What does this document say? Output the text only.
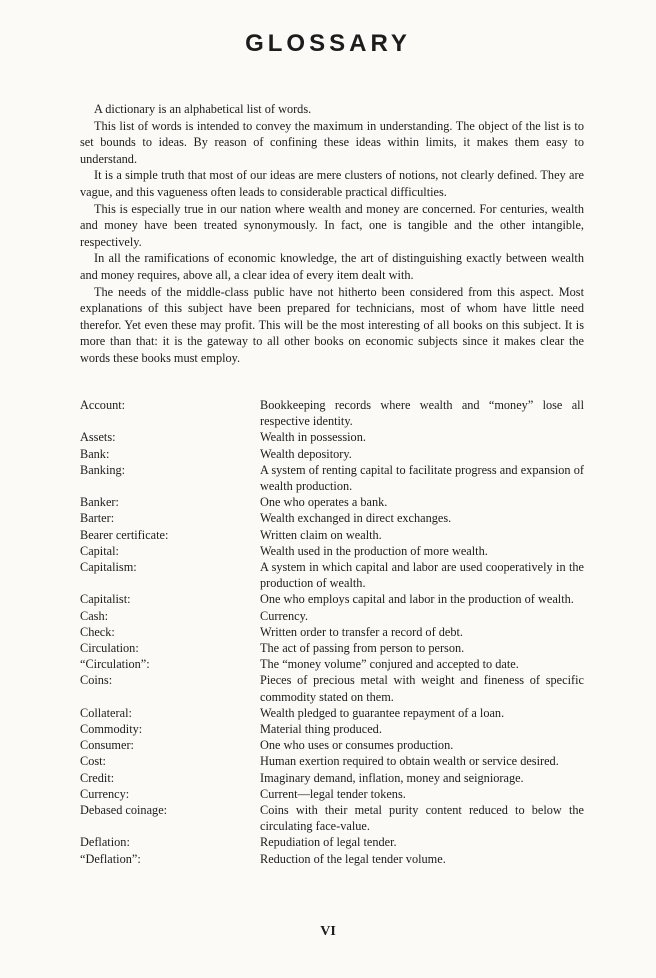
GLOSSARY

A dictionary is an alphabetical list of words.

This list of words is intended to convey the maximum in understanding. The object of the list is to set bounds to ideas. By reason of confining these ideas within limits, it makes them easy to understand.

It is a simple truth that most of our ideas are mere clusters of notions, not clearly defined. They are vague, and this vagueness often leads to considerable practical difficulties.

This is especially true in our nation where wealth and money are concerned. For centuries, wealth and money have been treated synonymously. In fact, one is tangible and the other intangible, respectively.

In all the ramifications of economic knowledge, the art of distinguishing exactly between wealth and money requires, above all, a clear idea of every item dealt with.

The needs of the middle-class public have not hitherto been considered from this aspect. Most explanations of this subject have been prepared for technicians, most of whom have little need therefor. Yet even these may profit. This will be the most interesting of all books on this subject. It is more than that: it is the gateway to all other books on economic subjects since it makes clear the words these books must employ.

Account:	Bookkeeping records where wealth and “money” lose all respective identity.
Assets:	Wealth in possession.
Bank:	Wealth depository.
Banking:	A system of renting capital to facilitate progress and expansion of wealth production.
Banker:	One who operates a bank.
Barter:	Wealth exchanged in direct exchanges.
Bearer certificate:	Written claim on wealth.
Capital:	Wealth used in the production of more wealth.
Capitalism:	A system in which capital and labor are used cooperatively in the production of wealth.
Capitalist:	One who employs capital and labor in the production of wealth.
Cash:	Currency.
Check:	Written order to transfer a record of debt.
Circulation:	The act of passing from person to person.
“Circulation”:	The “money volume” conjured and accepted to date.
Coins:	Pieces of precious metal with weight and fineness of specific commodity stated on them.
Collateral:	Wealth pledged to guarantee repayment of a loan.
Commodity:	Material thing produced.
Consumer:	One who uses or consumes production.
Cost:	Human exertion required to obtain wealth or service desired.
Credit:	Imaginary demand, inflation, money and seigniorage.
Currency:	Current—legal tender tokens.
Debased coinage:	Coins with their metal purity content reduced to below the circulating face-value.
Deflation:	Repudiation of legal tender.
“Deflation”:	Reduction of the legal tender volume.
VI
